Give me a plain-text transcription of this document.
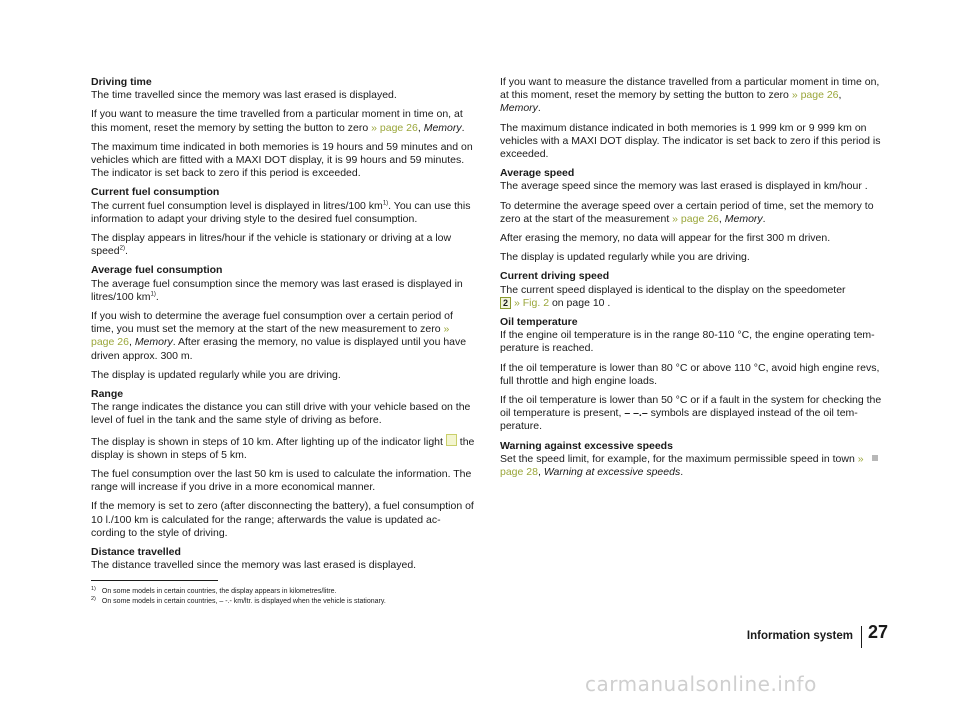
Driving time

The time travelled since the memory was last erased is displayed.

If you want to measure the time travelled from a particular moment in time on, at this moment, reset the memory by setting the button to zero » page 26, Memory.

The maximum time indicated in both memories is 19 hours and 59 minutes and on vehicles which are fitted with a MAXI DOT display, it is 99 hours and 59 minutes. The indicator is set back to zero if this period is exceeded.

Current fuel consumption

The current fuel consumption level is displayed in litres/100 $km^{1)}$. You can use this information to adapt your driving style to the desired fuel consumption.

The display appears in litres/hour if the vehicle is stationary or driving at a low speed$^{2)}$.

Average fuel consumption

The average fuel consumption since the memory was last erased is displayed in litres/100 $km^{1)}$.

If you wish to determine the average fuel consumption over a certain period of time, you must set the memory at the start of the new measurement to zero » page 26, Memory. After erasing the memory, no value is displayed until you have driven approx. 300 m.

The display is updated regularly while you are driving.

Range

The range indicates the distance you can still drive with your vehicle based on the level of fuel in the tank and the same style of driving as before.

The display is shown in steps of 10 km. After lighting up of the indicator light  the display is shown in steps of 5 km.

The fuel consumption over the last 50 km is used to calculate the information. The range will increase if you drive in a more economical manner.

If the memory is set to zero (after disconnecting the battery), a fuel consumption of 10 l./100 km is calculated for the range; afterwards the value is updated ac-cording to the style of driving.

Distance travelled

The distance travelled since the memory was last erased is displayed.

If you want to measure the distance travelled from a particular moment in time on, at this moment, reset the memory by setting the button to zero » page 26, Memory.

The maximum distance indicated in both memories is 1 999 km or 9 999 km on vehicles with a MAXI DOT display. The indicator is set back to zero if this period is exceeded.

Average speed

The average speed since the memory was last erased is displayed in km/hour .

To determine the average speed over a certain period of time, set the memory to zero at the start of the measurement » page 26, Memory.

After erasing the memory, no data will appear for the first 300 m driven.

The display is updated regularly while you are driving.

Current driving speed

The current speed displayed is identical to the display on the speedometer
2 » Fig. 2 on page 10 .

Oil temperature

If the engine oil temperature is in the range 80-110 °C, the engine operating tem-perature is reached.

If the oil temperature is lower than 80 °C or above 110 °C, avoid high engine revs, full throttle and high engine loads.

If the oil temperature is lower than 50 °C or if a fault in the system for checking the oil temperature is present, – –.– symbols are displayed instead of the oil tem-perature.

Warning against excessive speeds

Set the speed limit, for example, for the maximum permissible speed in town » page 28, Warning at excessive speeds.

$^{1)}$ On some models in certain countries, the display appears in kilometres/litre.
$^{2)}$ On some models in certain countries, – -.- km/ltr. is displayed when the vehicle is stationary.
Information system 27
carmanualsonline.info
